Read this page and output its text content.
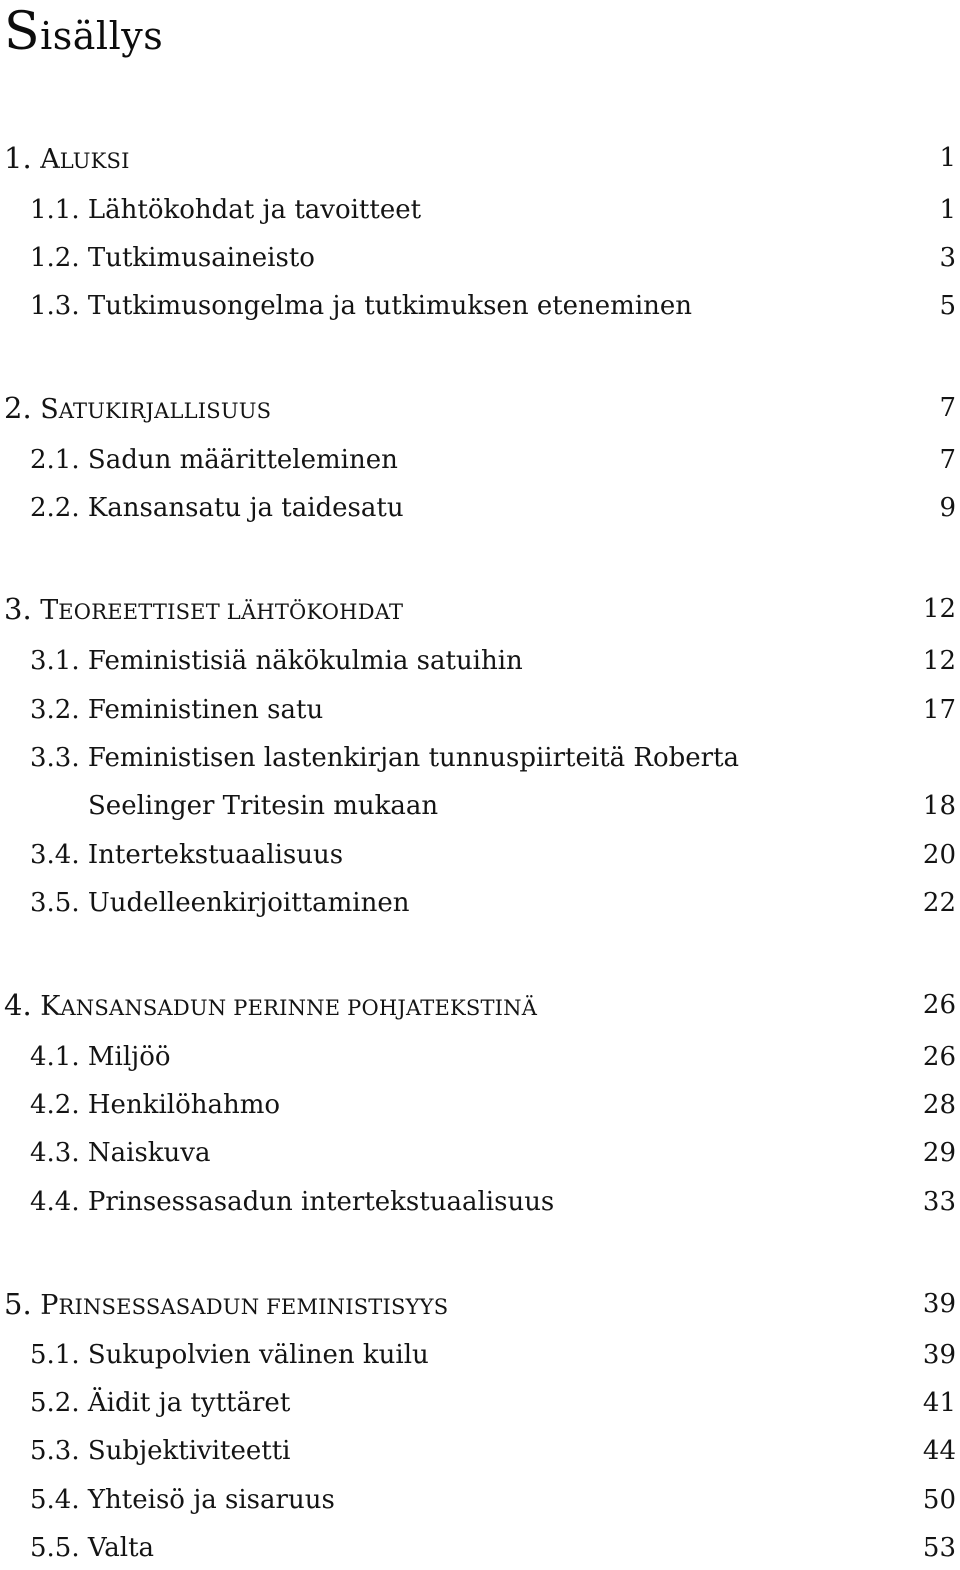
Sisällys
1. ALUKSI	1
1.1. Lähtökohdat ja tavoitteet	1
1.2. Tutkimusaineisto	3
1.3. Tutkimusongelma ja tutkimuksen eteneminen	5
2. SATUKIRJALLISUUS	7
2.1. Sadun määritteleminen	7
2.2. Kansansatu ja taidesatu	9
3. TEOREETTISET LÄHTÖKOHDAT	12
3.1. Feministisiä näkökulmia satuihin	12
3.2. Feministinen satu	17
3.3. Feministisen lastenkirjan tunnuspiirteitä Roberta
Seelinger Tritesin mukaan	18
3.4. Intertekstuaalisuus	20
3.5. Uudelleenkirjoittaminen	22
4. KANSANSADUN PERINNE POHJATEKSTINÄ	26
4.1. Miljöö	26
4.2. Henkilöhahmo	28
4.3. Naiskuva	29
4.4. Prinsessasadun intertekstuaalisuus	33
5. PRINSESSASADUN FEMINISTISYYS	39
5.1. Sukupolvien välinen kuilu	39
5.2. Äidit ja tyttäret	41
5.3. Subjektiviteetti	44
5.4. Yhteisö ja sisaruus	50
5.5. Valta	53
